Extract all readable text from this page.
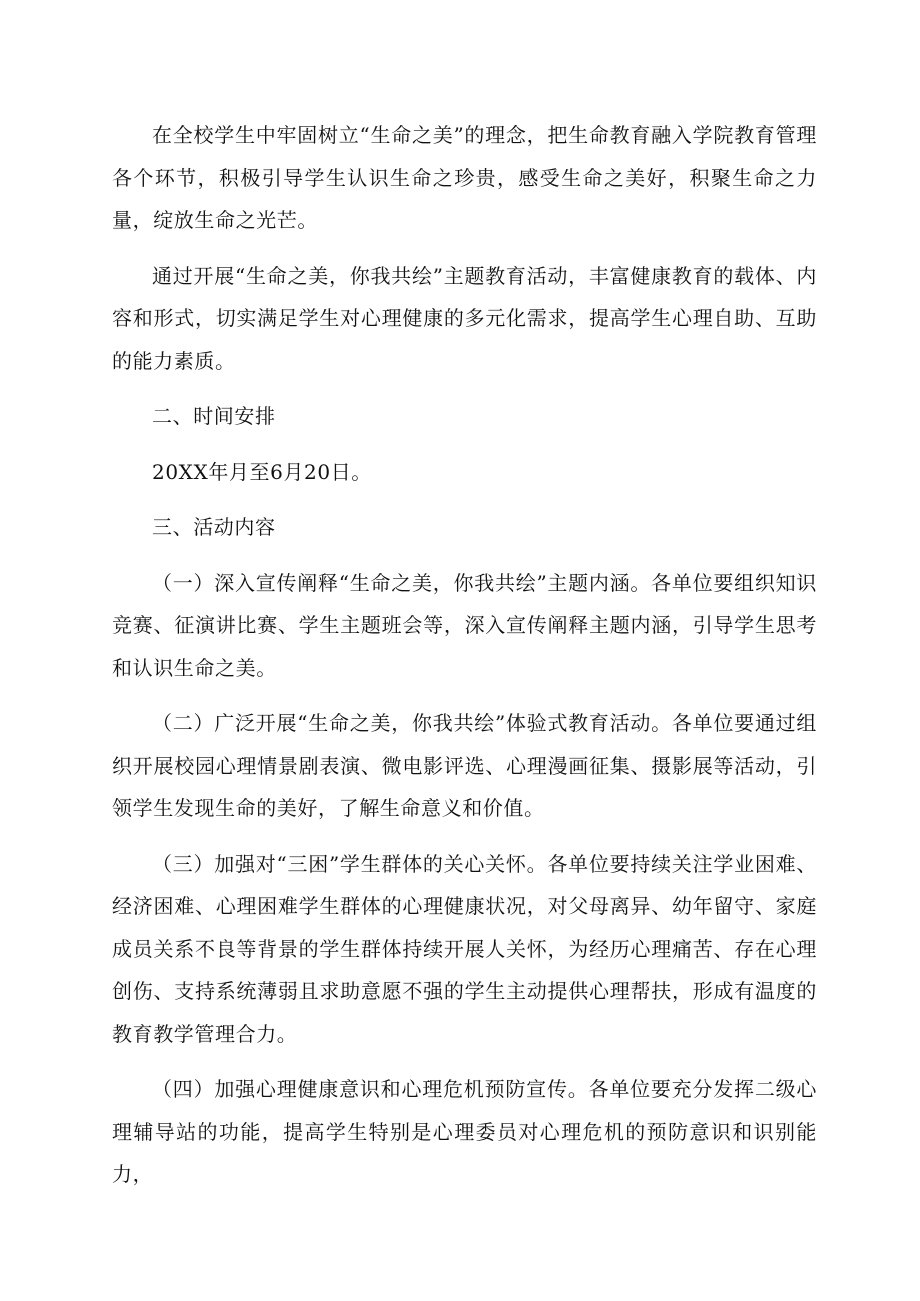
在全校学生中牢固树立“生命之美”的理念，把生命教育融入学院教育管理各个环节，积极引导学生认识生命之珍贵，感受生命之美好，积聚生命之力量，绽放生命之光芒。

通过开展“生命之美，你我共绘”主题教育活动，丰富健康教育的载体、内容和形式，切实满足学生对心理健康的多元化需求，提高学生心理自助、互助的能力素质。

二、时间安排

20XX年月至6月20日。

三、活动内容

（一）深入宣传阐释“生命之美，你我共绘”主题内涵。各单位要组织知识竞赛、征演讲比赛、学生主题班会等，深入宣传阐释主题内涵，引导学生思考和认识生命之美。

（二）广泛开展“生命之美，你我共绘”体验式教育活动。各单位要通过组织开展校园心理情景剧表演、微电影评选、心理漫画征集、摄影展等活动，引领学生发现生命的美好，了解生命意义和价值。

（三）加强对“三困”学生群体的关心关怀。各单位要持续关注学业困难、经济困难、心理困难学生群体的心理健康状况，对父母离异、幼年留守、家庭成员关系不良等背景的学生群体持续开展人关怀，为经历心理痛苦、存在心理创伤、支持系统薄弱且求助意愿不强的学生主动提供心理帮扶，形成有温度的教育教学管理合力。

（四）加强心理健康意识和心理危机预防宣传。各单位要充分发挥二级心理辅导站的功能，提高学生特别是心理委员对心理危机的预防意识和识别能力，
